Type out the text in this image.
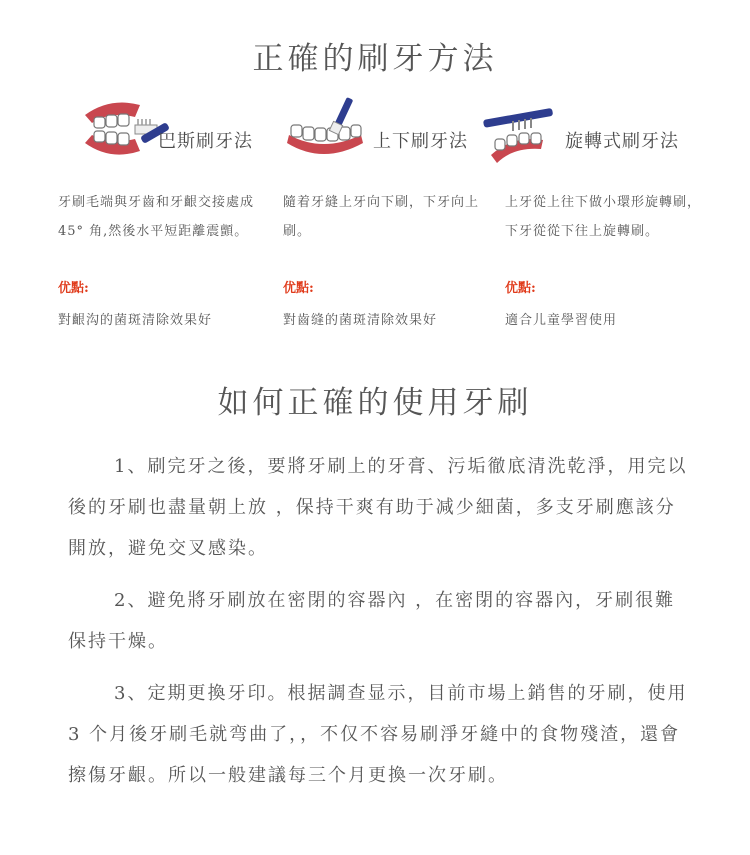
正確的刷牙方法
巴斯刷牙法
牙刷毛端與牙齒和牙齦交接處成45° 角,然後水平短距離震顫。
优點:
對齦沟的菌斑清除效果好
上下刷牙法
隨着牙縫上牙向下刷，下牙向上刷。
优點:
對齒缝的菌斑清除效果好
旋轉式刷牙法
上牙從上往下做小環形旋轉刷，下牙從從下往上旋轉刷。
优點:
適合儿童學習使用
如何正確的使用牙刷
1、刷完牙之後，要將牙刷上的牙膏、污垢徹底清洗乾淨，用完以後的牙刷也盡量朝上放 ，保持干爽有助于减少細菌，多支牙刷應該分開放，避免交叉感染。
2、避免將牙刷放在密閉的容器內 ，在密閉的容器內，牙刷很難保持干燥。
3、定期更換牙印。根据調查显示，目前市場上銷售的牙刷，使用 3 个月後牙刷毛就弯曲了，，不仅不容易刷淨牙縫中的食物殘渣，還會擦傷牙齦。所以一般建議每三个月更換一次牙刷。
